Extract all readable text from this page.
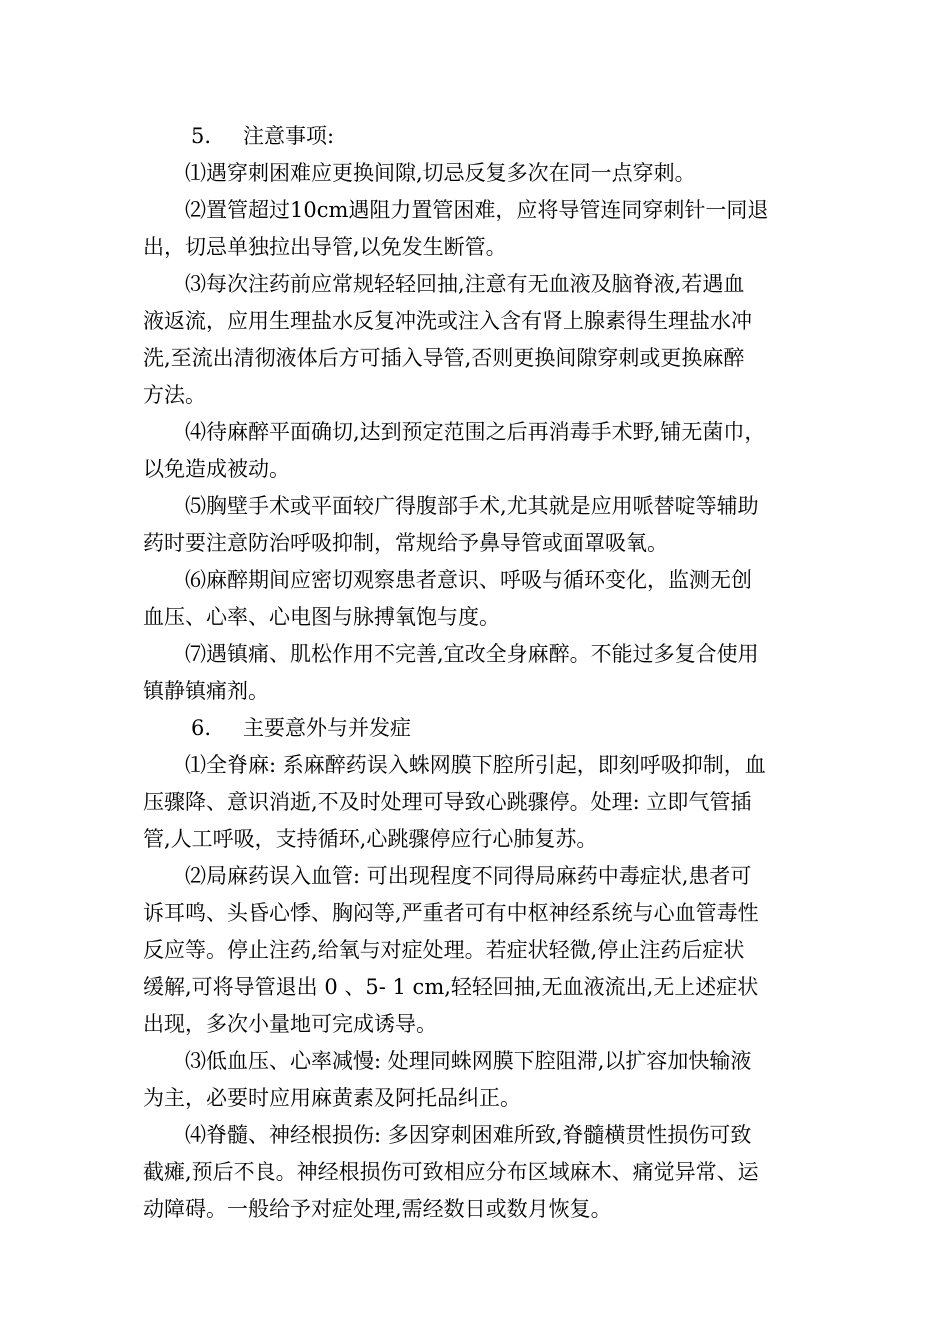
5. 注意事项:
⑴遇穿刺困难应更换间隙,切忌反复多次在同一点穿刺。
⑵置管超过10cm遇阻力置管困难，应将导管连同穿刺针一同退
出，切忌单独拉出导管,以免发生断管。
⑶每次注药前应常规轻轻回抽,注意有无血液及脑脊液,若遇血
液返流，应用生理盐水反复冲洗或注入含有肾上腺素得生理盐水冲
洗,至流出清彻液体后方可插入导管,否则更换间隙穿刺或更换麻醉
方法。
⑷待麻醉平面确切,达到预定范围之后再消毒手术野,铺无菌巾，
以免造成被动。
⑸胸壁手术或平面较广得腹部手术,尤其就是应用哌替啶等辅助
药时要注意防治呼吸抑制，常规给予鼻导管或面罩吸氧。
⑹麻醉期间应密切观察患者意识、呼吸与循环变化，监测无创
血压、心率、心电图与脉搏氧饱与度。
⑺遇镇痛、肌松作用不完善,宜改全身麻醉。不能过多复合使用
镇静镇痛剂。
6. 主要意外与并发症
⑴全脊麻: 系麻醉药误入蛛网膜下腔所引起，即刻呼吸抑制，血
压骤降、意识消逝,不及时处理可导致心跳骤停。处理: 立即气管插
管,人工呼吸，支持循环,心跳骤停应行心肺复苏。
⑵局麻药误入血管: 可出现程度不同得局麻药中毒症状,患者可
诉耳鸣、头昏心悸、胸闷等,严重者可有中枢神经系统与心血管毒性
反应等。停止注药,给氧与对症处理。若症状轻微,停止注药后症状
缓解,可将导管退出 0 、5- 1 cm,轻轻回抽,无血液流出,无上述症状
出现，多次小量地可完成诱导。
⑶低血压、心率减慢: 处理同蛛网膜下腔阻滞,以扩容加快输液
为主，必要时应用麻黄素及阿托品纠正。
⑷脊髓、神经根损伤: 多因穿刺困难所致,脊髓横贯性损伤可致
截瘫,预后不良。神经根损伤可致相应分布区域麻木、痛觉异常、运
动障碍。一般给予对症处理,需经数日或数月恢复。
